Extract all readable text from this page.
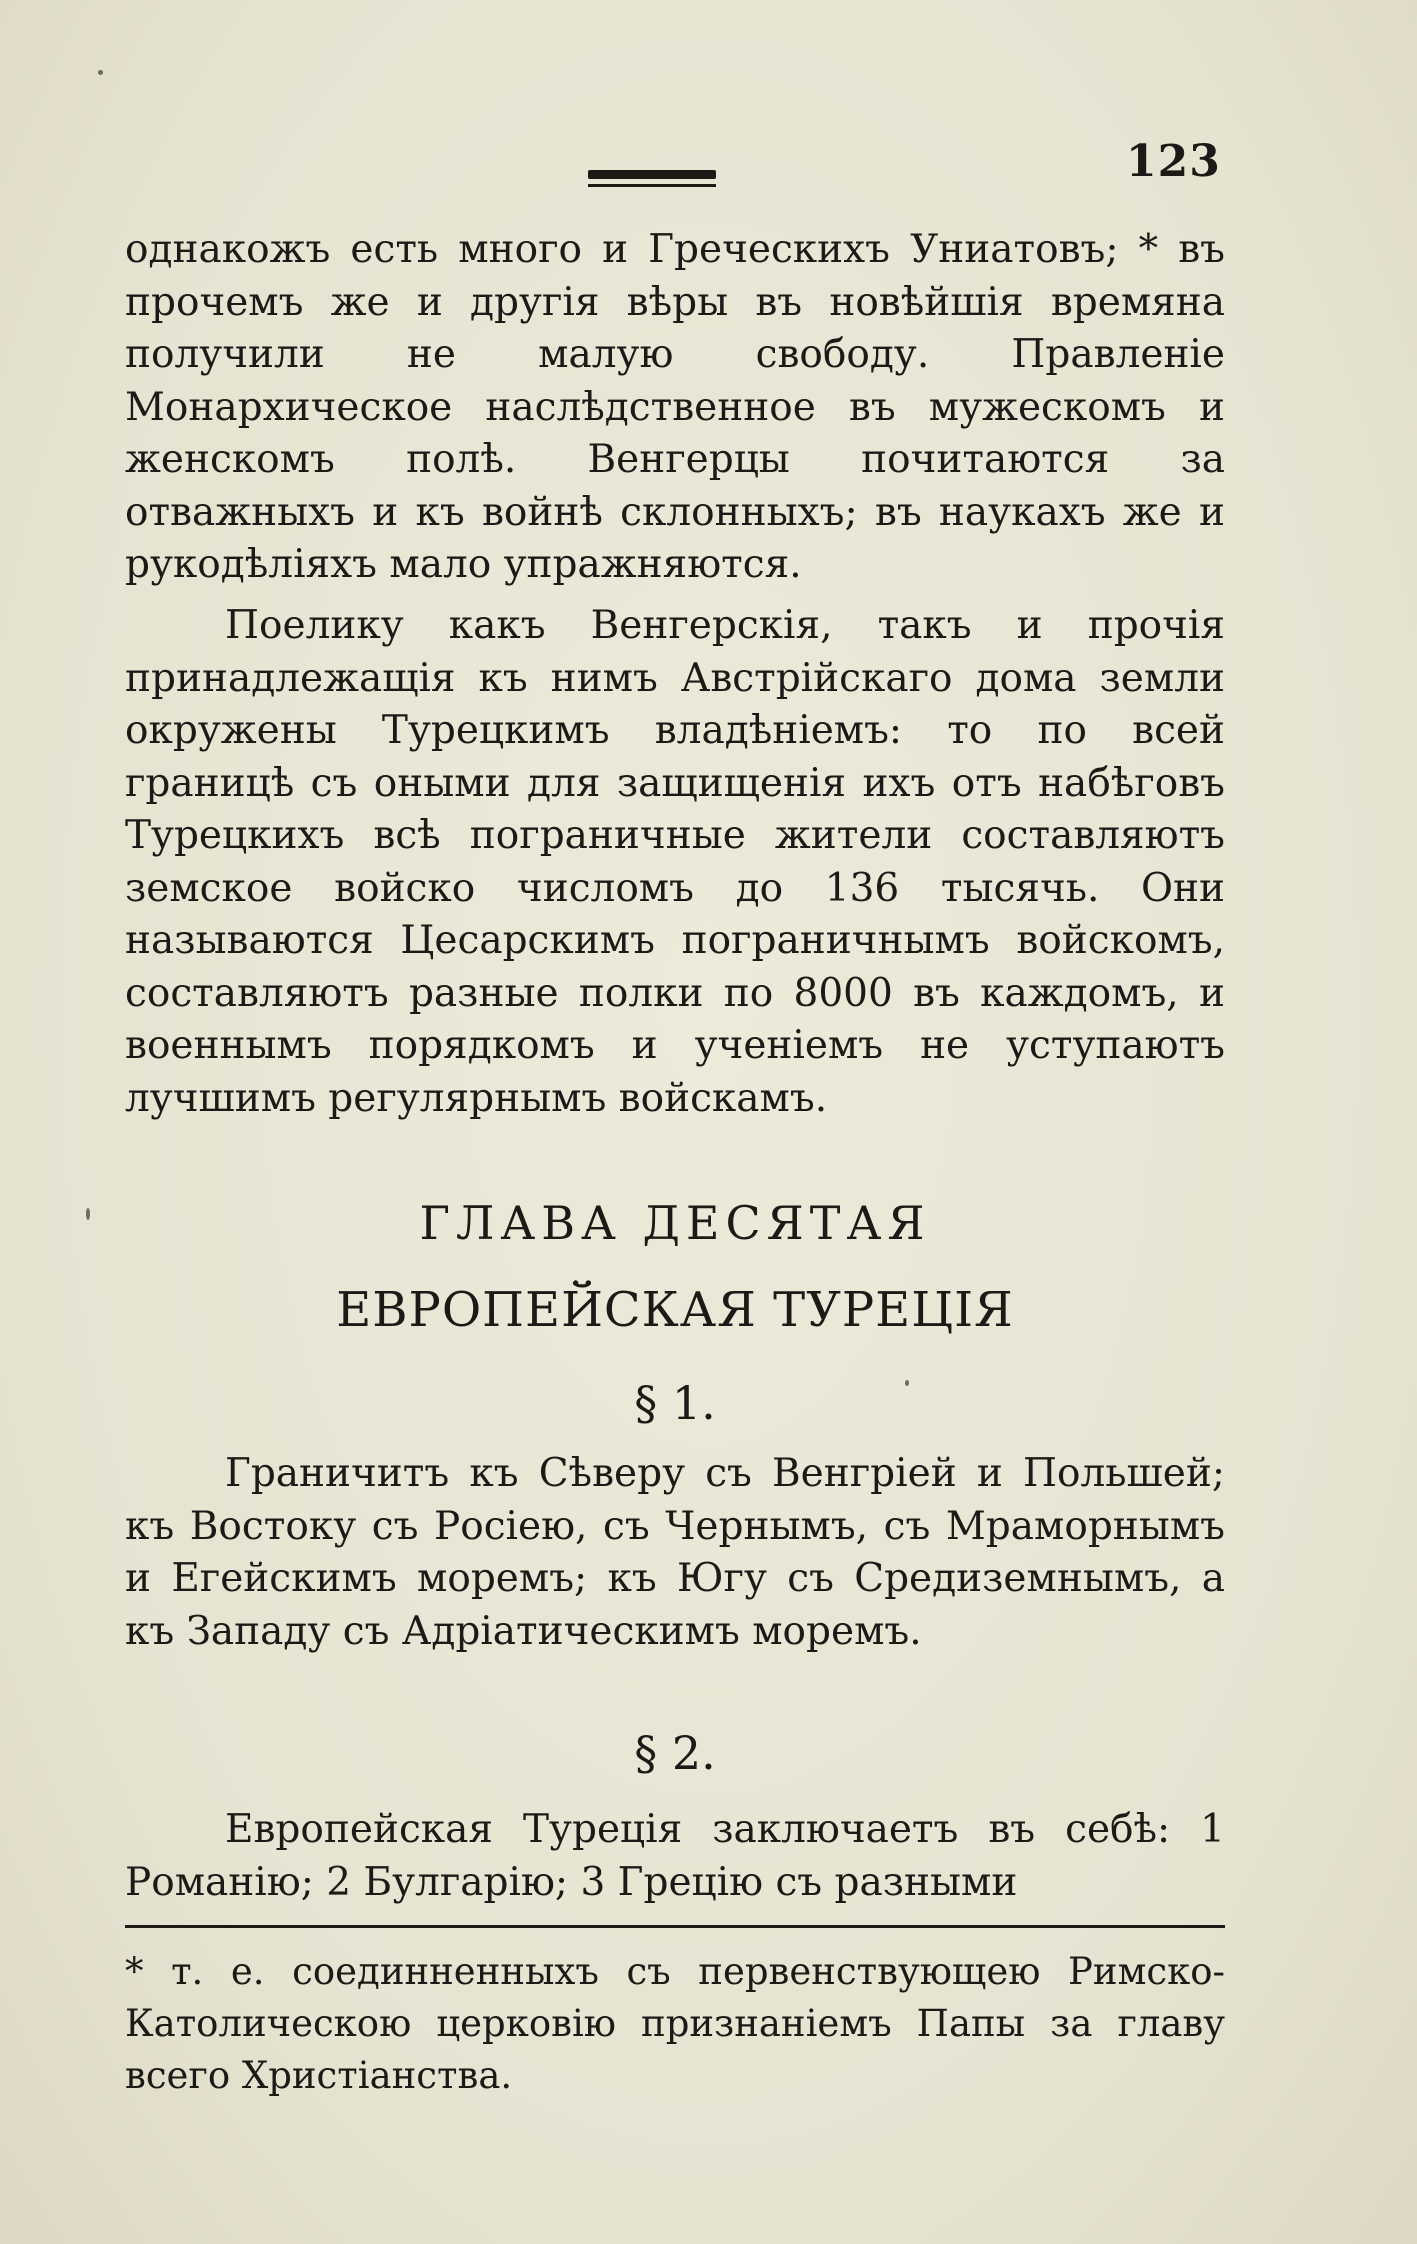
123

однакожъ есть много и Греческихъ Униатовъ; * въ прочемъ же и другія вѣры въ новѣйшія времяна получили не малую свободу. Правленіе Монархическое наслѣдственное въ мужескомъ и женскомъ полѣ. Венгерцы почитаются за отважныхъ и къ войнѣ склонныхъ; въ наукахъ же и рукодѣліяхъ мало упражняются.

Поелику какъ Венгерскія, такъ и прочія принадлежащія къ нимъ Австрійскаго дома земли окружены Турецкимъ владѣніемъ: то по всей границѣ съ оными для защищенія ихъ отъ набѣговъ Турецкихъ всѣ пограничные жители составляютъ земское войско числомъ до 136 тысячь. Они называются Цесарскимъ пограничнымъ войскомъ, составляютъ разные полки по 8000 въ каждомъ, и военнымъ порядкомъ и ученіемъ не уступаютъ лучшимъ регулярнымъ войскамъ.

ГЛАВА ДЕСЯТАЯ
ЕВРОПЕЙСКАЯ ТУРЕЦІЯ
§ 1.

Граничитъ къ Сѣверу съ Венгріей и Польшей; къ Востоку съ Росіею, съ Чернымъ, съ Мраморнымъ и Егейскимъ моремъ; къ Югу съ Средиземнымъ, а къ Западу съ Адріатическимъ моремъ.

§ 2.

Европейская Турецiя заключаетъ въ себѣ: 1 Романію; 2 Булгарію; 3 Грецію съ разными

* т. е. соединненныхъ съ первенствующею Римско-Католическою церковію признаніемъ Папы за главу всего Христіанства.
